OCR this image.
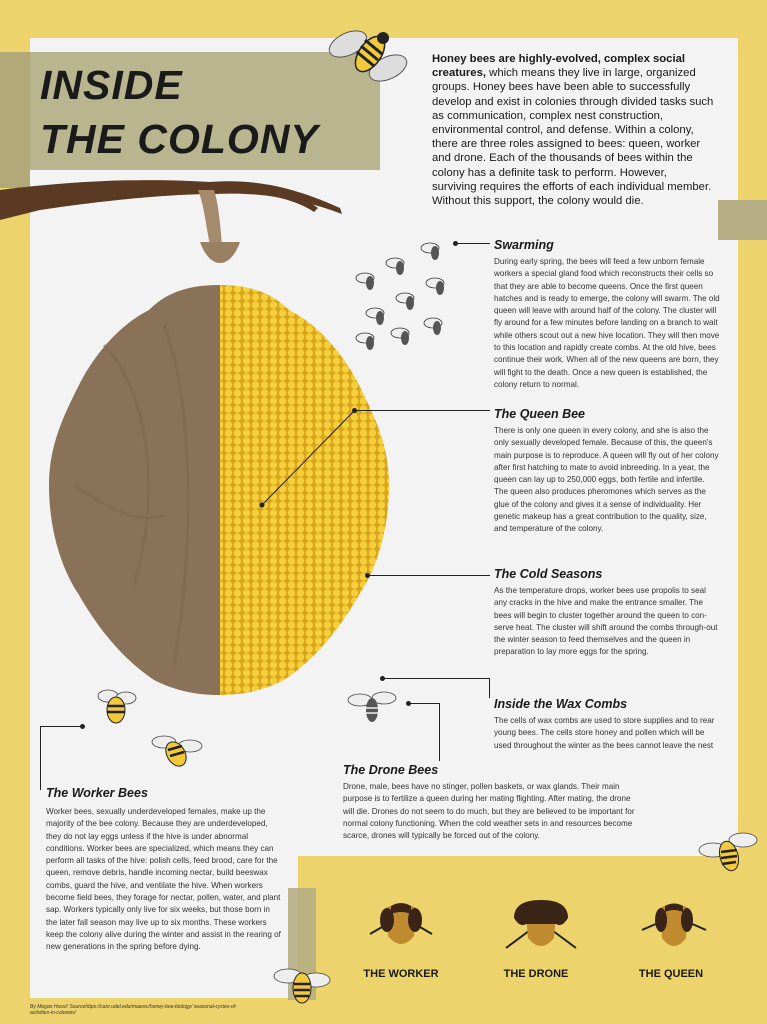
INSIDE
THE COLONY

Honey bees are highly-evolved, complex social creatures, which means they live in large, organized groups. Honey bees have been able to successfully develop and exist in colonies through divided tasks such as communication, complex nest construction, environmental control, and defense. Within a colony, there are three roles assigned to bees: queen, worker and drone. Each of the thousands of bees within the colony has a definite task to perform. However, surviving requires the efforts of each individual member. Without this support, the colony would die.

Swarming

During early spring, the bees will feed a few unborn female workers a special gland food which reconstructs their cells so that they are able to become queens. Once the first queen hatches and is ready to emerge, the colony will swarm. The old queen will leave with around half of the colony. The cluster will fly around for a few minutes before landing on a branch to wait while others scout out a new hive location. They will then move to this location and rapidly create combs. At the old hive, bees continue their work. When all of the new queens are born, they will fight to the death. Once a new queen is established, the colony return to normal.

The Queen Bee

There is only one queen in every colony, and she is also the only sexually developed female. Because of this, the queen's main purpose is to reproduce. A queen will fly out of her colony after first hatching to mate to avoid inbreeding. In a year, the queen can lay up to 250,000 eggs, both fertile and infertile. The queen also produces pheromones which serves as the glue of the colony and gives it a sense of individuality. Her genetic makeup has a great contribution to the quality, size, and temperature of the colony.

The Cold Seasons

As the temperature drops, worker bees use propolis to seal any cracks in the hive and make the entrance smaller. The bees will begin to cluster together around the queen to con-serve heat. The cluster will shift around the combs through-out the winter season to feed themselves and the queen in preparation to lay more eggs for the spring.

Inside the Wax Combs

The cells of wax combs are used to store supplies and to rear young bees. The cells store honey and pollen which will be used throughout the winter as the bees cannot leave the nest

The Drone Bees

Drone, male, bees have no stinger, pollen baskets, or wax glands. Their main purpose is to fertilize a queen during her mating flighting. After mating, the drone will die. Drones do not seem to do much, but they are believed to be important for normal colony functioning. When the cold weather sets in and resources become scarce, drones will typically be forced out of the colony.

The Worker Bees

Worker bees, sexually underdeveloped females, make up the majority of the bee colony. Because they are underdeveloped, they do not lay eggs unless if the hive is under abnormal conditions. Worker bees are specialized, which means they can perform all tasks of the hive: polish cells, feed brood, care for the queen, remove debris, handle incoming nectar, build beeswax combs, guard the hive, and ventilate the hive. When workers become field bees, they forage for nectar, pollen, water, and plant sap. Workers typically only live for six weeks, but those born in the later fall season may live up to six months. These workers keep the colony alive during the winter and assist in the rearing of new generations in the spring before dying.

THE WORKER	THE DRONE	THE QUEEN
By Megan Huss// Sourcehttps://canr.udel.edu/maarec/honey-bee-biology/ seasonal-cycles-of-activities-in-colonies/
